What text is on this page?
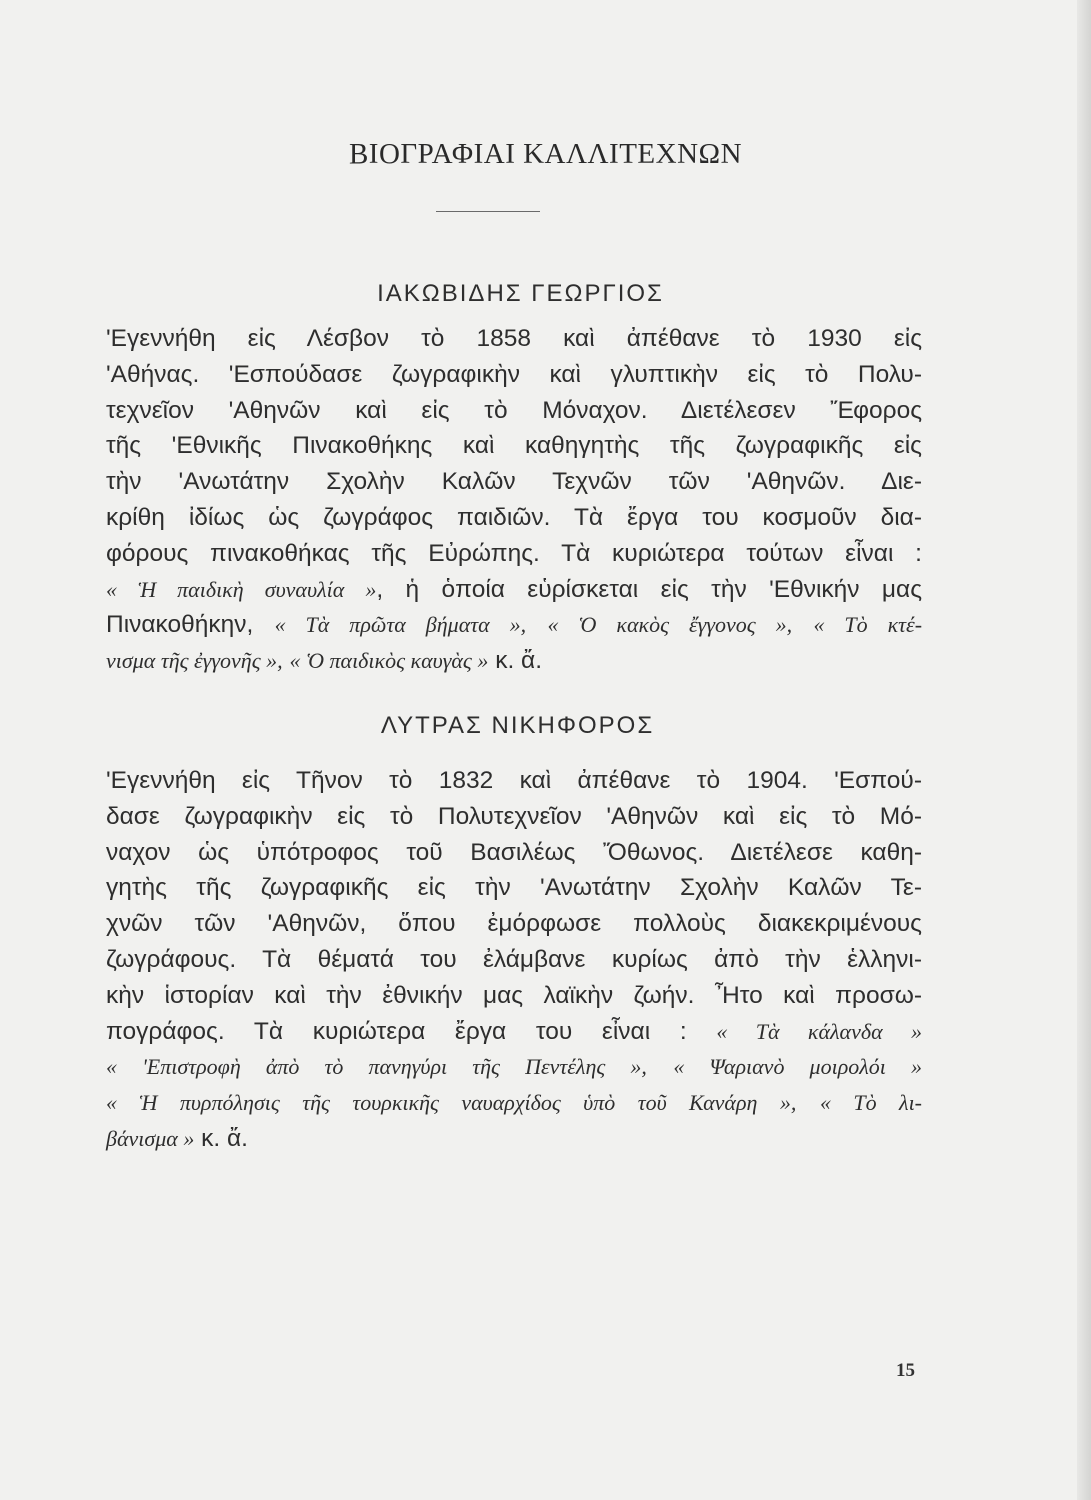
ΒΙΟΓΡΑΦΙΑΙ ΚΑΛΛΙΤΕΧΝΩΝ
ΙΑΚΩΒΙΔΗΣ ΓΕΩΡΓΙΟΣ
'Εγεννήθη εἰς Λέσβον τὸ 1858 καὶ ἀπέθανε τὸ 1930 εἰς
'Αθήνας. 'Εσπούδασε ζωγραφικὴν καὶ γλυπτικὴν εἰς τὸ Πολυ-
τεχνεῖον 'Αθηνῶν καὶ εἰς τὸ Μόναχον. Διετέλεσεν Ἔφορος
τῆς 'Εθνικῆς Πινακοθήκης καὶ καθηγητὴς τῆς ζωγραφικῆς εἰς
τὴν 'Ανωτάτην Σχολὴν Καλῶν Τεχνῶν τῶν 'Αθηνῶν. Διε-
κρίθη ἰδίως ὡς ζωγράφος παιδιῶν. Τὰ ἔργα του κοσμοῦν δια-
φόρους πινακοθήκας τῆς Εὐρώπης. Τὰ κυριώτερα τούτων εἶναι :
« Ἡ παιδικὴ συναυλία », ἡ ὁποία εὑρίσκεται εἰς τὴν 'Εθνικήν μας
Πινακοθήκην, « Τὰ πρῶτα βήματα », « Ὁ κακὸς ἔγγονος », « Τὸ κτέ-
νισμα τῆς ἐγγονῆς », « Ὁ παιδικὸς καυγὰς » κ. ἄ.
ΛΥΤΡΑΣ ΝΙΚΗΦΟΡΟΣ
'Εγεννήθη εἰς Τῆνον τὸ 1832 καὶ ἀπέθανε τὸ 1904. 'Εσπού-
δασε ζωγραφικὴν εἰς τὸ Πολυτεχνεῖον 'Αθηνῶν καὶ εἰς τὸ Μό-
ναχον ὡς ὑπότροφος τοῦ Βασιλέως Ὄθωνος. Διετέλεσε καθη-
γητὴς τῆς ζωγραφικῆς εἰς τὴν 'Ανωτάτην Σχολὴν Καλῶν Τε-
χνῶν τῶν 'Αθηνῶν, ὅπου ἐμόρφωσε πολλοὺς διακεκριμένους
ζωγράφους. Τὰ θέματά του ἐλάμβανε κυρίως ἀπὸ τὴν ἑλληνι-
κὴν ἱστορίαν καὶ τὴν ἐθνικήν μας λαϊκὴν ζωήν. Ἦτο καὶ προσω-
πογράφος. Τὰ κυριώτερα ἔργα του εἶναι : « Τὰ κάλανδα »
« 'Επιστροφὴ ἀπὸ τὸ πανηγύρι τῆς Πεντέλης », « Ψαριανὸ μοιρολόι »
« Ἡ πυρπόλησις τῆς τουρκικῆς ναυαρχίδος ὑπὸ τοῦ Κανάρη », « Τὸ λι-
βάνισμα » κ. ἄ.
15
